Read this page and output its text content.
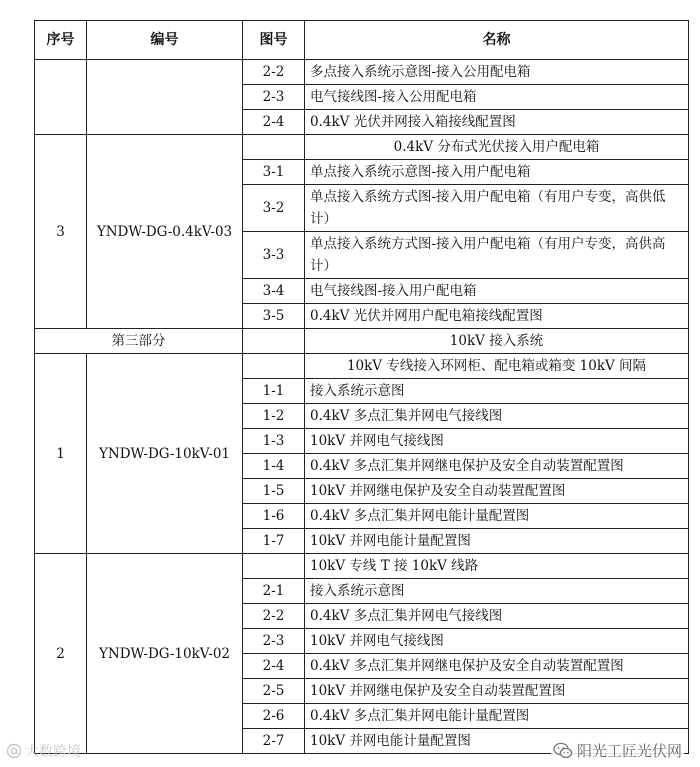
序号	编号	图号	名称
		2-2	多点接入系统示意图-接入公用配电箱
		2-3	电气接线图-接入公用配电箱
		2-4	0.4kV 光伏并网接入箱接线配置图
3	YNDW-DG-0.4kV-03		0.4kV 分布式光伏接入用户配电箱
		3-1	单点接入系统示意图-接入用户配电箱
		3-2	单点接入系统方式图-接入用户配电箱（有用户专变，高供低计）
		3-3	单点接入系统方式图-接入用户配电箱（有用户专变，高供高计）
		3-4	电气接线图-接入用户配电箱
		3-5	0.4kV 光伏并网用户配电箱接线配置图
第三部分			10kV 接入系统
1	YNDW-DG-10kV-01		10kV 专线接入环网柜、配电箱或箱变 10kV 间隔
		1-1	接入系统示意图
		1-2	0.4kV 多点汇集并网电气接线图
		1-3	10kV 并网电气接线图
		1-4	0.4kV 多点汇集并网继电保护及安全自动装置配置图
		1-5	10kV 并网继电保护及安全自动装置配置图
		1-6	0.4kV 多点汇集并网电能计量配置图
		1-7	10kV 并网电能计量配置图
2	YNDW-DG-10kV-02		10kV 专线 T 接 10kV 线路
		2-1	接入系统示意图
		2-2	0.4kV 多点汇集并网电气接线图
		2-3	10kV 并网电气接线图
		2-4	0.4kV 多点汇集并网继电保护及安全自动装置配置图
		2-5	10kV 并网继电保护及安全自动装置配置图
		2-6	0.4kV 多点汇集并网电能计量配置图
		2-7	10kV 并网电能计量配置图
大数跨境	阳光工匠光伏网
